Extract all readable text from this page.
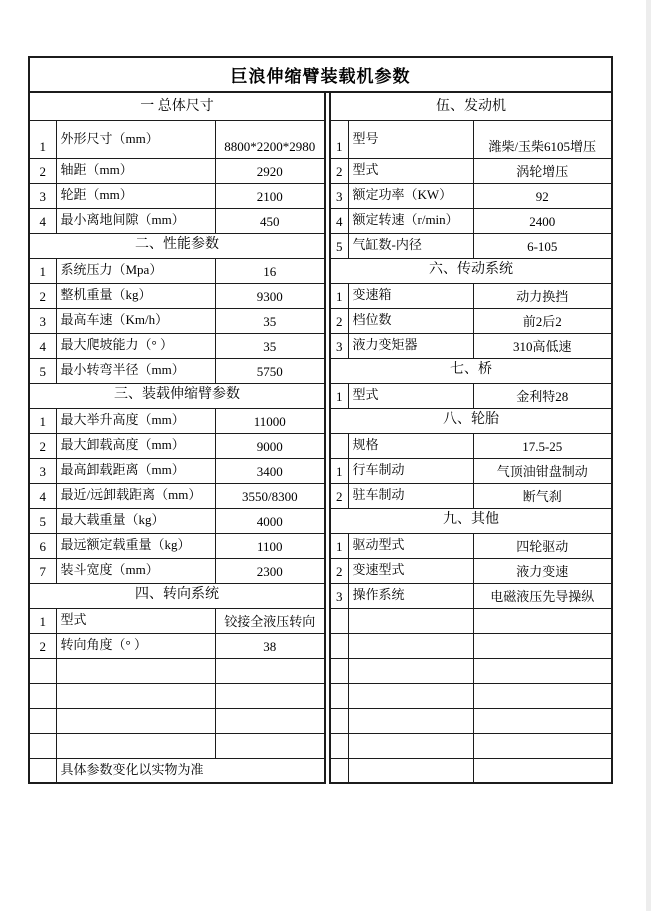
巨浪伸缩臂装载机参数
一 总体尺寸		
1	外形尺寸（mm）	8800*2200*2980
2	轴距（mm）	2920
3	轮距（mm）	2100
4	最小离地间隙（mm）	450
二、性能参数		
1	系统压力（Mpa）	16
2	整机重量（kg）	9300
3	最高车速（Km/h）	35
4	最大爬坡能力（° ）	35
5	最小转弯半径（mm）	5750
三、装载伸缩臂参数		
1	最大举升高度（mm）	11000
2	最大卸载高度（mm）	9000
3	最高卸载距离（mm）	3400
4	最近/远卸载距离（mm）	3550/8300
5	最大载重量（kg）	4000
6	最远额定载重量（kg）	1100
7	装斗宽度（mm）	2300
四、转向系统		
1	型式	铰接全液压转向
2	转向角度（° ）	38

	具体参数变化以实物为准	
伍、发动机		
1	型号	潍柴/玉柴6105增压
2	型式	涡轮增压
3	额定功率（KW）	92
4	额定转速（r/min）	2400
5	气缸数-内径	6-105
六、传动系统		
1	变速箱	动力换挡
2	档位数	前2后2
3	液力变矩器	310高低速
七、桥		
1	型式	金利特28
八、轮胎		
	规格	17.5-25
1	行车制动	气顶油钳盘制动
2	驻车制动	断气刹
九、其他		
1	驱动型式	四轮驱动
2	变速型式	液力变速
3	操作系统	电磁液压先导操纵
